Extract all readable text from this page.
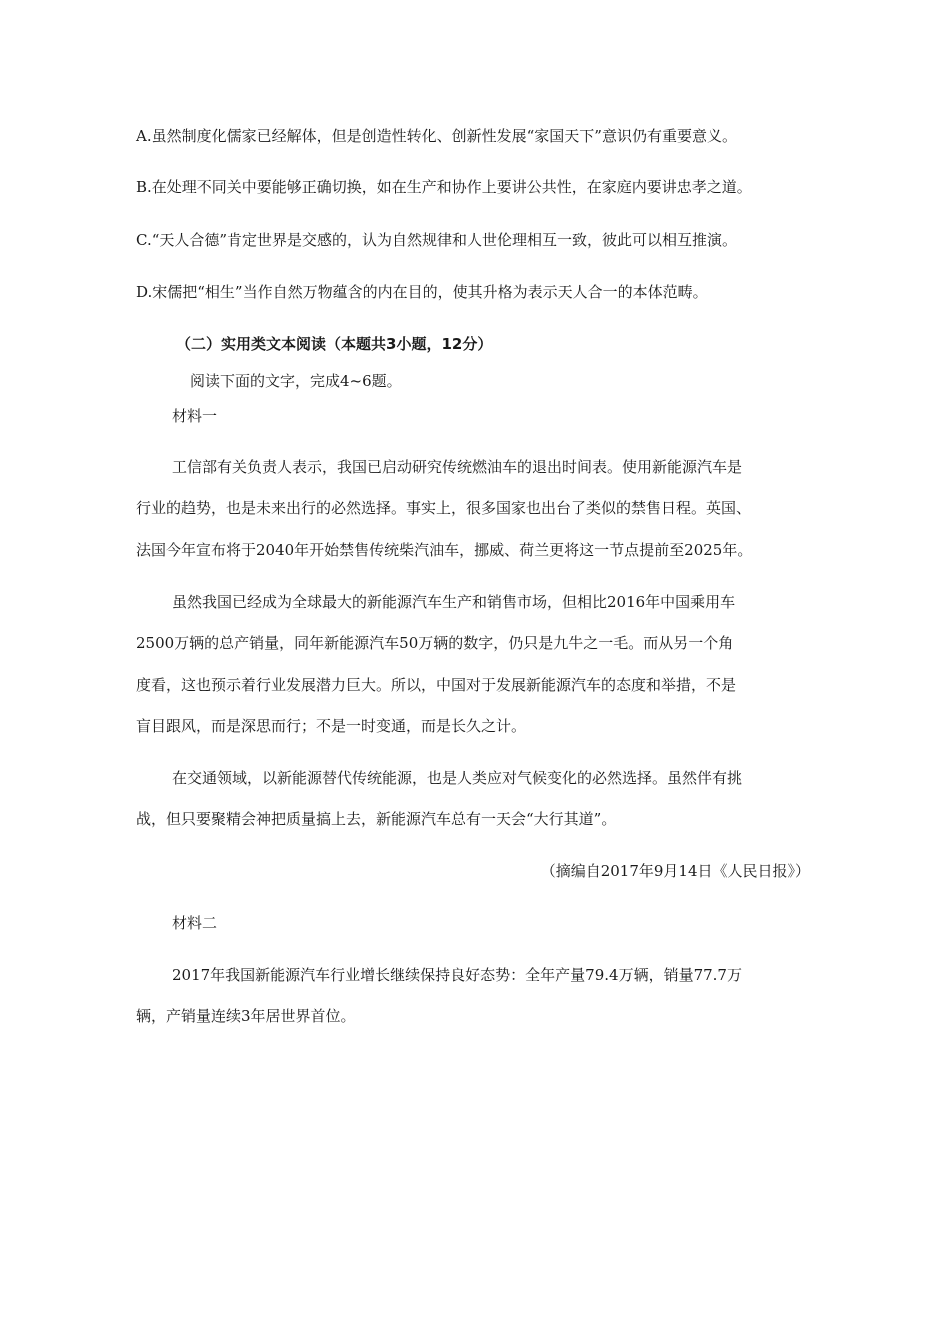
A.虽然制度化儒家已经解体，但是创造性转化、创新性发展“家国天下”意识仍有重要意义。
B.在处理不同关中要能够正确切换，如在生产和协作上要讲公共性，在家庭内要讲忠孝之道。
C.“天人合德”肯定世界是交感的，认为自然规律和人世伦理相互一致，彼此可以相互推演。
D.宋儒把“相生”当作自然万物蕴含的内在目的，使其升格为表示天人合一的本体范畴。
（二）实用类文本阅读（本题共3小题，12分）
阅读下面的文字，完成4~6题。
材料一
工信部有关负责人表示，我国已启动研究传统燃油车的退出时间表。使用新能源汽车是
行业的趋势，也是未来出行的必然选择。事实上，很多国家也出台了类似的禁售日程。英国、
法国今年宣布将于2040年开始禁售传统柴汽油车，挪威、荷兰更将这一节点提前至2025年。
虽然我国已经成为全球最大的新能源汽车生产和销售市场，但相比2016年中国乘用车
2500万辆的总产销量，同年新能源汽车50万辆的数字，仍只是九牛之一毛。而从另一个角
度看，这也预示着行业发展潜力巨大。所以，中国对于发展新能源汽车的态度和举措，不是
盲目跟风，而是深思而行；不是一时变通，而是长久之计。
在交通领域，以新能源替代传统能源，也是人类应对气候变化的必然选择。虽然伴有挑
战，但只要聚精会神把质量搞上去，新能源汽车总有一天会“大行其道”。
（摘编自2017年9月14日《人民日报》）
材料二
2017年我国新能源汽车行业增长继续保持良好态势：全年产量79.4万辆，销量77.7万
辆，产销量连续3年居世界首位。
